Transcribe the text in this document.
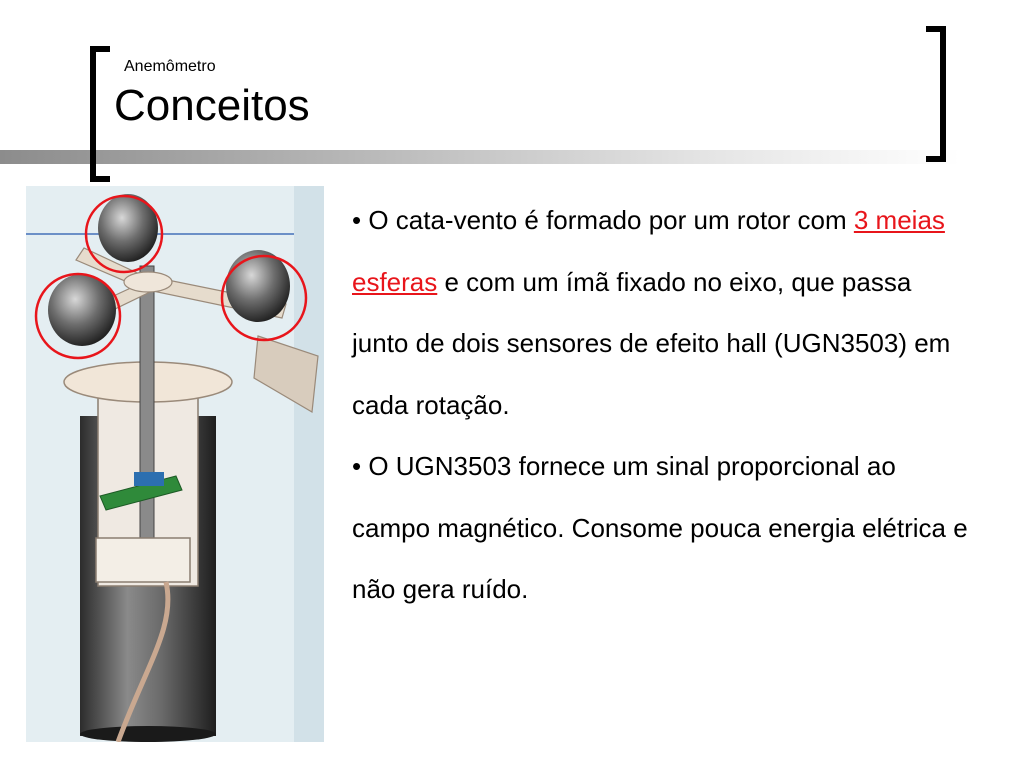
Anemômetro
Conceitos

• O cata-vento é formado por um rotor com 3 meias esferas e com um ímã fixado no eixo, que passa junto de dois sensores de efeito hall (UGN3503) em cada rotação.

• O UGN3503 fornece um sinal proporcional ao campo magnético. Consome pouca energia elétrica e não gera ruído.
